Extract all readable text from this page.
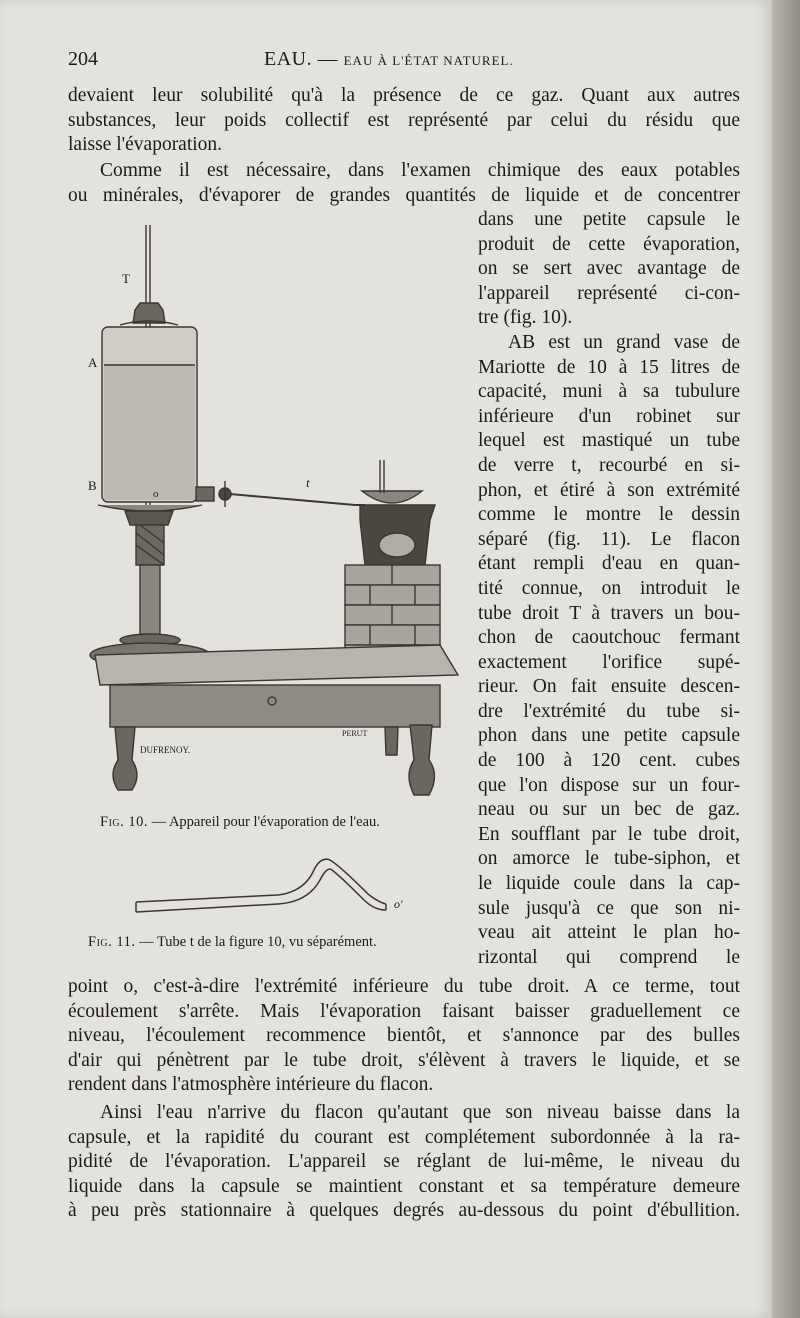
204	EAU. — EAU À L'ÉTAT NATUREL.
devaient leur solubilité qu'à la présence de ce gaz. Quant aux autres
substances, leur poids collectif est représenté par celui du résidu que
laisse l'évaporation.
Comme il est nécessaire, dans l'examen chimique des eaux potables
ou minérales, d'évaporer de grandes quantités de liquide et de concentrer
dans une petite capsule le
produit de cette évaporation,
on se sert avec avantage de
l'appareil représenté ci-con-
tre (fig. 10).
AB est un grand vase de
Mariotte de 10 à 15 litres de
capacité, muni à sa tubulure
inférieure d'un robinet sur
lequel est mastiqué un tube
de verre t, recourbé en si-
phon, et étiré à son extrémité
comme le montre le dessin
séparé (fig. 11). Le flacon
étant rempli d'eau en quan-
tité connue, on introduit le
tube droit T à travers un bou-
chon de caoutchouc fermant
exactement l'orifice supé-
rieur. On fait ensuite descen-
dre l'extrémité du tube si-
phon dans une petite capsule
de 100 à 120 cent. cubes
que l'on dispose sur un four-
neau ou sur un bec de gaz.
En soufflant par le tube droit,
on amorce le tube-siphon, et
le liquide coule dans la cap-
sule jusqu'à ce que son ni-
veau ait atteint le plan ho-
rizontal qui comprend le
T
A
B
o
t
DUFRENOY.
PERUT
Fig. 10. — Appareil pour l'évaporation de l'eau.
o'
Fig. 11. — Tube t de la figure 10, vu séparément.
point o, c'est-à-dire l'extrémité inférieure du tube droit. A ce terme, tout
écoulement s'arrête. Mais l'évaporation faisant baisser graduellement ce
niveau, l'écoulement recommence bientôt, et s'annonce par des bulles
d'air qui pénètrent par le tube droit, s'élèvent à travers le liquide, et se
rendent dans l'atmosphère intérieure du flacon.
Ainsi l'eau n'arrive du flacon qu'autant que son niveau baisse dans la
capsule, et la rapidité du courant est complétement subordonnée à la ra-
pidité de l'évaporation. L'appareil se réglant de lui-même, le niveau du
liquide dans la capsule se maintient constant et sa température demeure
à peu près stationnaire à quelques degrés au-dessous du point d'ébullition.
